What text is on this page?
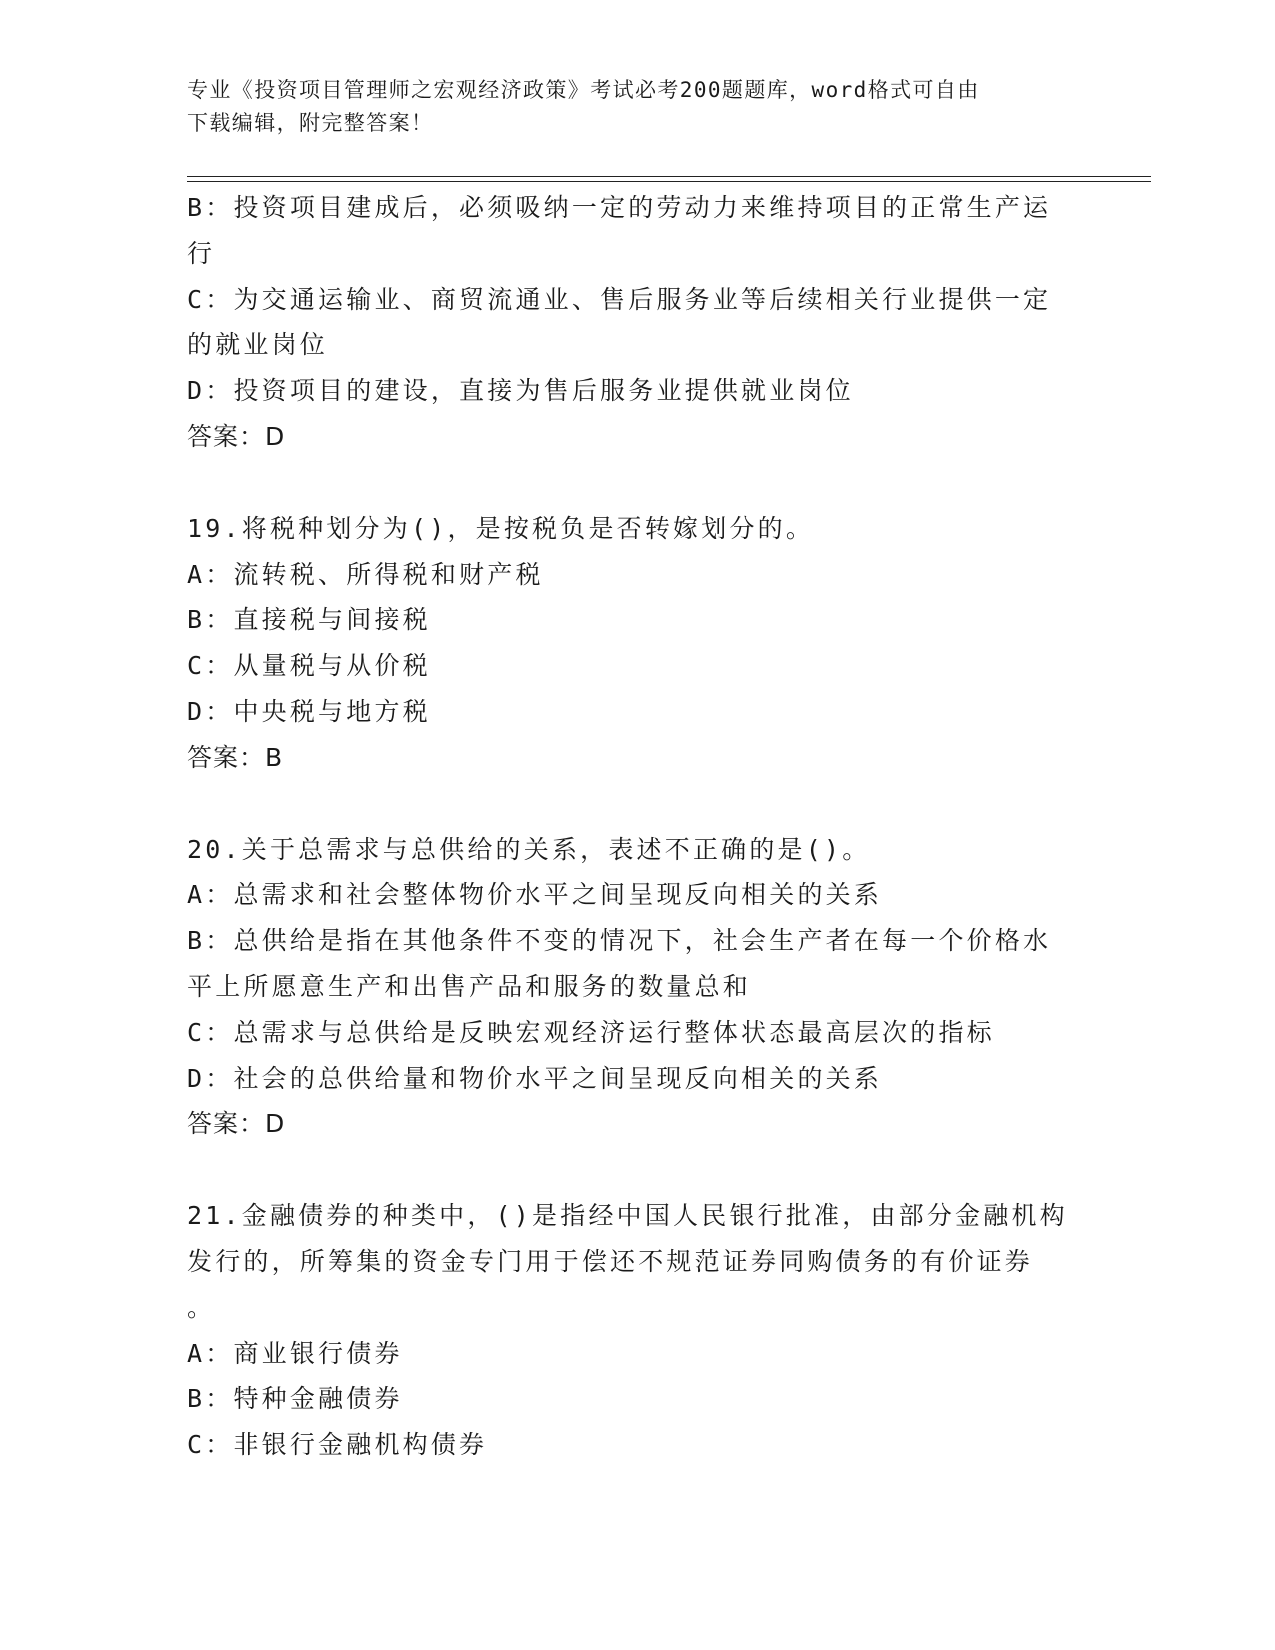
专业《投资项目管理师之宏观经济政策》考试必考200题题库，word格式可自由
下载编辑，附完整答案！
B：投资项目建成后，必须吸纳一定的劳动力来维持项目的正常生产运
行
C：为交通运输业、商贸流通业、售后服务业等后续相关行业提供一定
的就业岗位
D：投资项目的建设，直接为售后服务业提供就业岗位
答案：D
19.将税种划分为()，是按税负是否转嫁划分的。
A：流转税、所得税和财产税
B：直接税与间接税
C：从量税与从价税
D：中央税与地方税
答案：B
20.关于总需求与总供给的关系，表述不正确的是()。
A：总需求和社会整体物价水平之间呈现反向相关的关系
B：总供给是指在其他条件不变的情况下，社会生产者在每一个价格水
平上所愿意生产和出售产品和服务的数量总和
C：总需求与总供给是反映宏观经济运行整体状态最高层次的指标
D：社会的总供给量和物价水平之间呈现反向相关的关系
答案：D
21.金融债券的种类中，()是指经中国人民银行批准，由部分金融机构
发行的，所筹集的资金专门用于偿还不规范证券同购债务的有价证券
。
A：商业银行债券
B：特种金融债券
C：非银行金融机构债券
